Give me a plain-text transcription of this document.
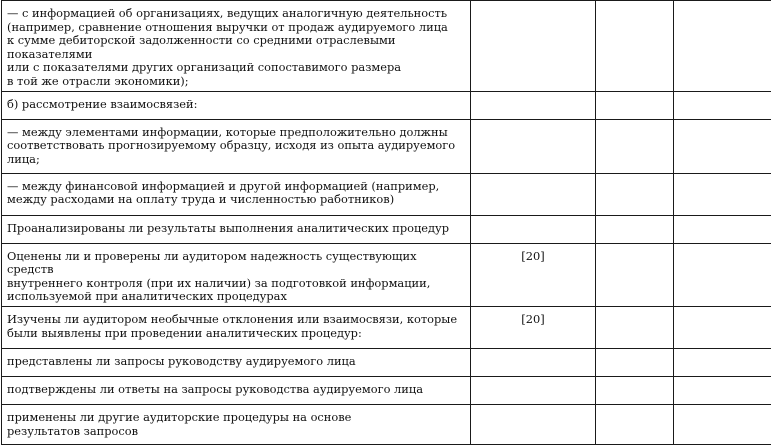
— с информацией об организациях, ведущих аналогичную деятельность
(например, сравнение отношения выручки от продаж аудируемого лица
к сумме дебиторской задолженности со средними отраслевыми показателями
или с показателями других организаций сопоставимого размера
в той же отрасли экономики);			
б) рассмотрение взаимосвязей:			
— между элементами информации, которые предположительно должны
соответствовать прогнозируемому образцу, исходя из опыта аудируемого
лица;			
— между финансовой информацией и другой информацией (например,
между расходами на оплату труда и численностью работников)			
Проанализированы ли результаты выполнения аналитических процедур			
Оценены ли и проверены ли аудитором надежность существующих средств
внутреннего контроля (при их наличии) за подготовкой информации,
используемой при аналитических процедурах	[20]		
Изучены ли аудитором необычные отклонения или взаимосвязи, которые
были выявлены при проведении аналитических процедур:	[20]		
представлены ли запросы руководству аудируемого лица			
подтверждены ли ответы на запросы руководства аудируемого лица			
применены ли другие аудиторские процедуры на основе
результатов запросов			
